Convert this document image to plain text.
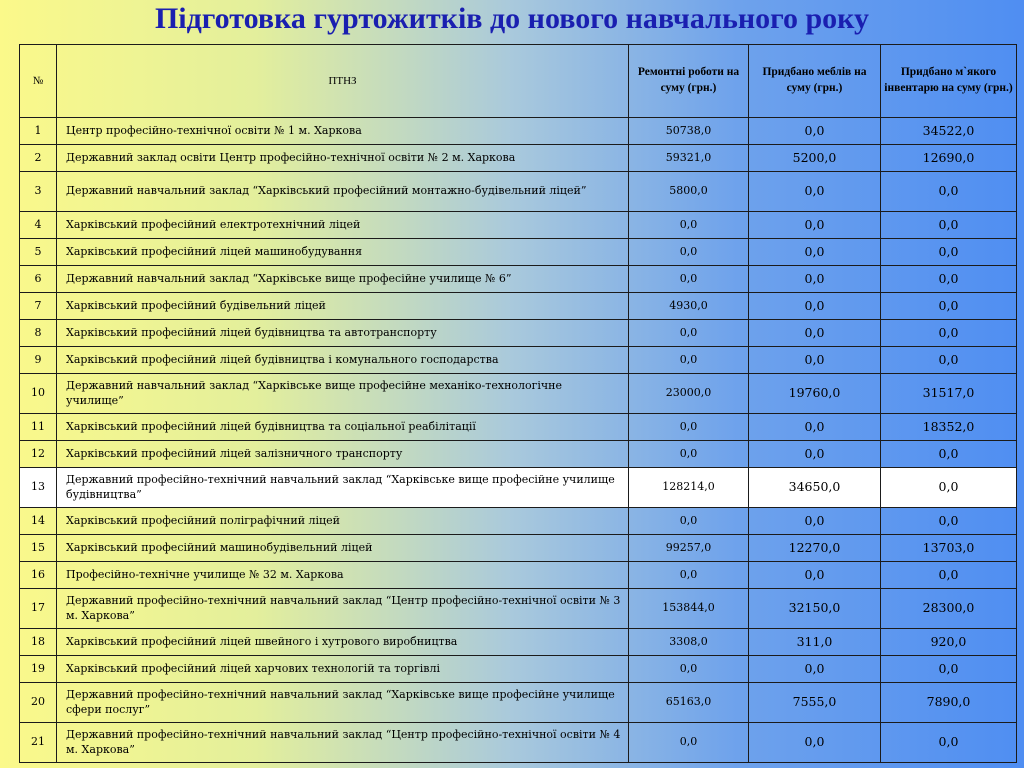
Підготовка гуртожитків до нового навчального року
№	ПТНЗ	Ремонтні роботи на суму (грн.)	Придбано меблів на суму (грн.)	Придбано м`якого інвентарю на суму (грн.)
1	Центр професійно-технічної освіти № 1 м. Харкова	50738,0	0,0	34522,0
2	Державний заклад освіти Центр професійно-технічної освіти № 2 м. Харкова	59321,0	5200,0	12690,0
3	Державний навчальний заклад “Харківський професійний монтажно-будівельний ліцей”	5800,0	0,0	0,0
4	Харківський професійний електротехнічний ліцей	0,0	0,0	0,0
5	Харківський професійний ліцей машинобудування	0,0	0,0	0,0
6	Державний навчальний заклад “Харківське вище професійне училище № 6”	0,0	0,0	0,0
7	Харківський професійний будівельний ліцей	4930,0	0,0	0,0
8	Харківський професійний ліцей будівництва та автотранспорту	0,0	0,0	0,0
9	Харківський професійний ліцей будівництва і комунального господарства	0,0	0,0	0,0
10	Державний навчальний заклад “Харківське вище професійне механіко-технологічне училище”	23000,0	19760,0	31517,0
11	Харківський професійний ліцей будівництва та соціальної реабілітації	0,0	0,0	18352,0
12	Харківський професійний ліцей залізничного транспорту	0,0	0,0	0,0
13	Державний професійно-технічний навчальний заклад “Харківське вище професійне училище будівництва”	128214,0	34650,0	0,0
14	Харківський професійний поліграфічний ліцей	0,0	0,0	0,0
15	Харківський професійний машинобудівельний ліцей	99257,0	12270,0	13703,0
16	Професійно-технічне училище № 32 м. Харкова	0,0	0,0	0,0
17	Державний професійно-технічний навчальний заклад “Центр професійно-технічної освіти № 3 м. Харкова”	153844,0	32150,0	28300,0
18	Харківський професійний ліцей швейного і хутрового виробництва	3308,0	311,0	920,0
19	Харківський професійний ліцей харчових технологій та торгівлі	0,0	0,0	0,0
20	Державний професійно-технічний навчальний заклад “Харківське вище професійне училище сфери послуг”	65163,0	7555,0	7890,0
21	Державний професійно-технічний навчальний заклад “Центр професійно-технічної освіти № 4 м. Харкова”	0,0	0,0	0,0
